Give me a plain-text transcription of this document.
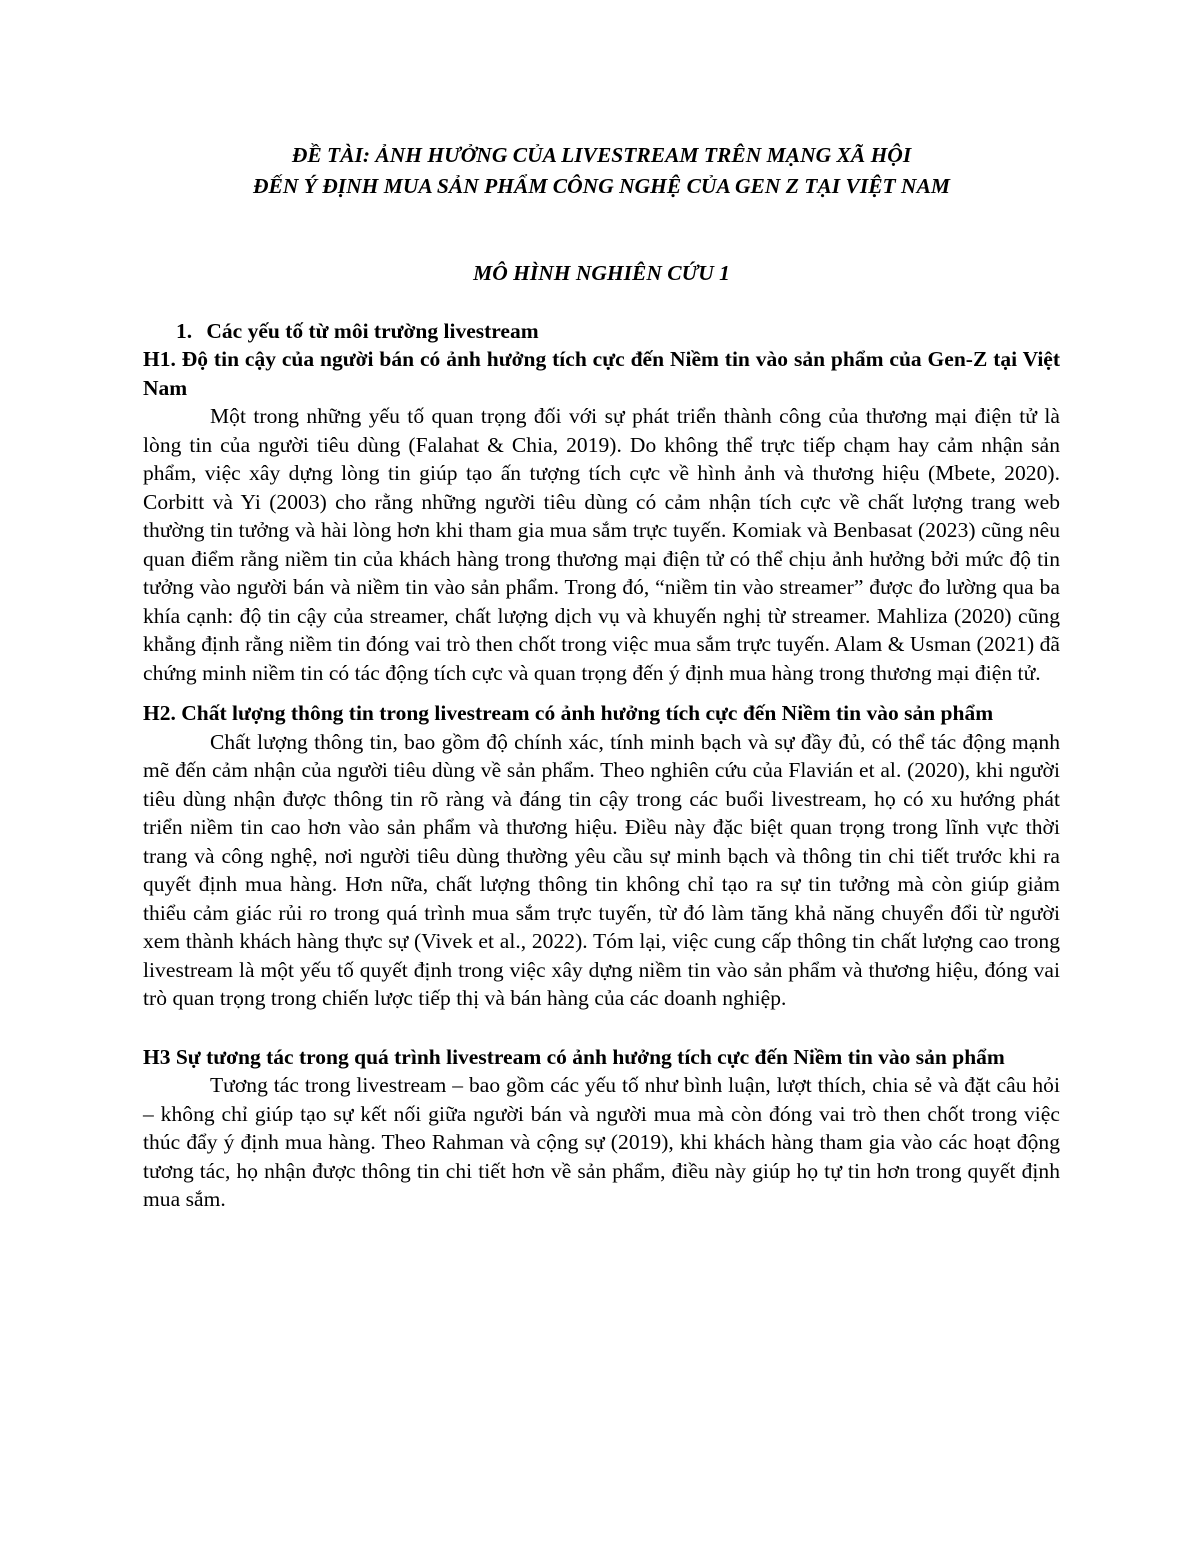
ĐỀ TÀI: ẢNH HƯỞNG CỦA LIVESTREAM TRÊN MẠNG XÃ HỘI
ĐẾN Ý ĐỊNH MUA SẢN PHẨM CÔNG NGHỆ CỦA GEN Z TẠI VIỆT NAM

MÔ HÌNH NGHIÊN CỨU 1

1. Các yếu tố từ môi trường livestream

H1. Độ tin cậy của người bán có ảnh hưởng tích cực đến Niềm tin vào sản phẩm của Gen-Z tại Việt Nam

Một trong những yếu tố quan trọng đối với sự phát triển thành công của thương mại điện tử là lòng tin của người tiêu dùng (Falahat & Chia, 2019). Do không thể trực tiếp chạm hay cảm nhận sản phẩm, việc xây dựng lòng tin giúp tạo ấn tượng tích cực về hình ảnh và thương hiệu (Mbete, 2020). Corbitt và Yi (2003) cho rằng những người tiêu dùng có cảm nhận tích cực về chất lượng trang web thường tin tưởng và hài lòng hơn khi tham gia mua sắm trực tuyến. Komiak và Benbasat (2023) cũng nêu quan điểm rằng niềm tin của khách hàng trong thương mại điện tử có thể chịu ảnh hưởng bởi mức độ tin tưởng vào người bán và niềm tin vào sản phẩm. Trong đó, “niềm tin vào streamer” được đo lường qua ba khía cạnh: độ tin cậy của streamer, chất lượng dịch vụ và khuyến nghị từ streamer. Mahliza (2020) cũng khẳng định rằng niềm tin đóng vai trò then chốt trong việc mua sắm trực tuyến. Alam & Usman (2021) đã chứng minh niềm tin có tác động tích cực và quan trọng đến ý định mua hàng trong thương mại điện tử.

H2. Chất lượng thông tin trong livestream có ảnh hưởng tích cực đến Niềm tin vào sản phẩm

Chất lượng thông tin, bao gồm độ chính xác, tính minh bạch và sự đầy đủ, có thể tác động mạnh mẽ đến cảm nhận của người tiêu dùng về sản phẩm. Theo nghiên cứu của Flavián et al. (2020), khi người tiêu dùng nhận được thông tin rõ ràng và đáng tin cậy trong các buổi livestream, họ có xu hướng phát triển niềm tin cao hơn vào sản phẩm và thương hiệu. Điều này đặc biệt quan trọng trong lĩnh vực thời trang và công nghệ, nơi người tiêu dùng thường yêu cầu sự minh bạch và thông tin chi tiết trước khi ra quyết định mua hàng. Hơn nữa, chất lượng thông tin không chỉ tạo ra sự tin tưởng mà còn giúp giảm thiểu cảm giác rủi ro trong quá trình mua sắm trực tuyến, từ đó làm tăng khả năng chuyển đổi từ người xem thành khách hàng thực sự (Vivek et al., 2022). Tóm lại, việc cung cấp thông tin chất lượng cao trong livestream là một yếu tố quyết định trong việc xây dựng niềm tin vào sản phẩm và thương hiệu, đóng vai trò quan trọng trong chiến lược tiếp thị và bán hàng của các doanh nghiệp.

H3 Sự tương tác trong quá trình livestream có ảnh hưởng tích cực đến Niềm tin vào sản phẩm

Tương tác trong livestream – bao gồm các yếu tố như bình luận, lượt thích, chia sẻ và đặt câu hỏi – không chỉ giúp tạo sự kết nối giữa người bán và người mua mà còn đóng vai trò then chốt trong việc thúc đẩy ý định mua hàng. Theo Rahman và cộng sự (2019), khi khách hàng tham gia vào các hoạt động tương tác, họ nhận được thông tin chi tiết hơn về sản phẩm, điều này giúp họ tự tin hơn trong quyết định mua sắm.
